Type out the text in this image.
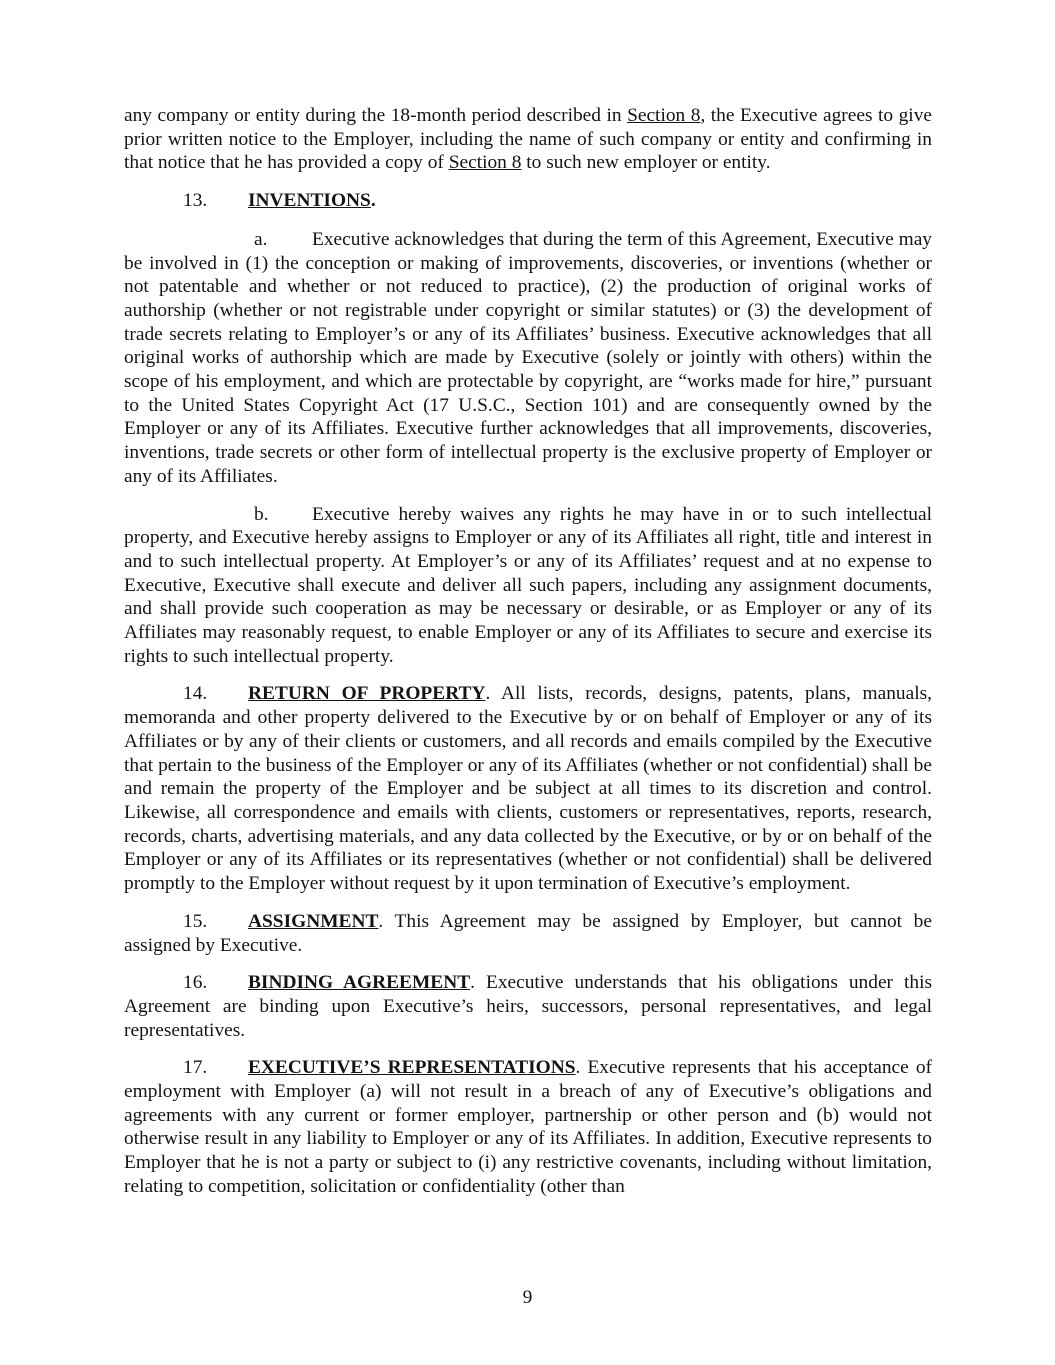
any company or entity during the 18-month period described in Section 8, the Executive agrees to give prior written notice to the Employer, including the name of such company or entity and confirming in that notice that he has provided a copy of Section 8 to such new employer or entity.

13. INVENTIONS.

a. Executive acknowledges that during the term of this Agreement, Executive may be involved in (1) the conception or making of improvements, discoveries, or inventions (whether or not patentable and whether or not reduced to practice), (2) the production of original works of authorship (whether or not registrable under copyright or similar statutes) or (3) the development of trade secrets relating to Employer’s or any of its Affiliates’ business. Executive acknowledges that all original works of authorship which are made by Executive (solely or jointly with others) within the scope of his employment, and which are protectable by copyright, are “works made for hire,” pursuant to the United States Copyright Act (17 U.S.C., Section 101) and are consequently owned by the Employer or any of its Affiliates. Executive further acknowledges that all improvements, discoveries, inventions, trade secrets or other form of intellectual property is the exclusive property of Employer or any of its Affiliates.

b. Executive hereby waives any rights he may have in or to such intellectual property, and Executive hereby assigns to Employer or any of its Affiliates all right, title and interest in and to such intellectual property. At Employer’s or any of its Affiliates’ request and at no expense to Executive, Executive shall execute and deliver all such papers, including any assignment documents, and shall provide such cooperation as may be necessary or desirable, or as Employer or any of its Affiliates may reasonably request, to enable Employer or any of its Affiliates to secure and exercise its rights to such intellectual property.

14. RETURN OF PROPERTY. All lists, records, designs, patents, plans, manuals, memoranda and other property delivered to the Executive by or on behalf of Employer or any of its Affiliates or by any of their clients or customers, and all records and emails compiled by the Executive that pertain to the business of the Employer or any of its Affiliates (whether or not confidential) shall be and remain the property of the Employer and be subject at all times to its discretion and control. Likewise, all correspondence and emails with clients, customers or representatives, reports, research, records, charts, advertising materials, and any data collected by the Executive, or by or on behalf of the Employer or any of its Affiliates or its representatives (whether or not confidential) shall be delivered promptly to the Employer without request by it upon termination of Executive’s employment.

15. ASSIGNMENT. This Agreement may be assigned by Employer, but cannot be assigned by Executive.

16. BINDING AGREEMENT. Executive understands that his obligations under this Agreement are binding upon Executive’s heirs, successors, personal representatives, and legal representatives.

17. EXECUTIVE’S REPRESENTATIONS. Executive represents that his acceptance of employment with Employer (a) will not result in a breach of any of Executive’s obligations and agreements with any current or former employer, partnership or other person and (b) would not otherwise result in any liability to Employer or any of its Affiliates. In addition, Executive represents to Employer that he is not a party or subject to (i) any restrictive covenants, including without limitation, relating to competition, solicitation or confidentiality (other than

9
